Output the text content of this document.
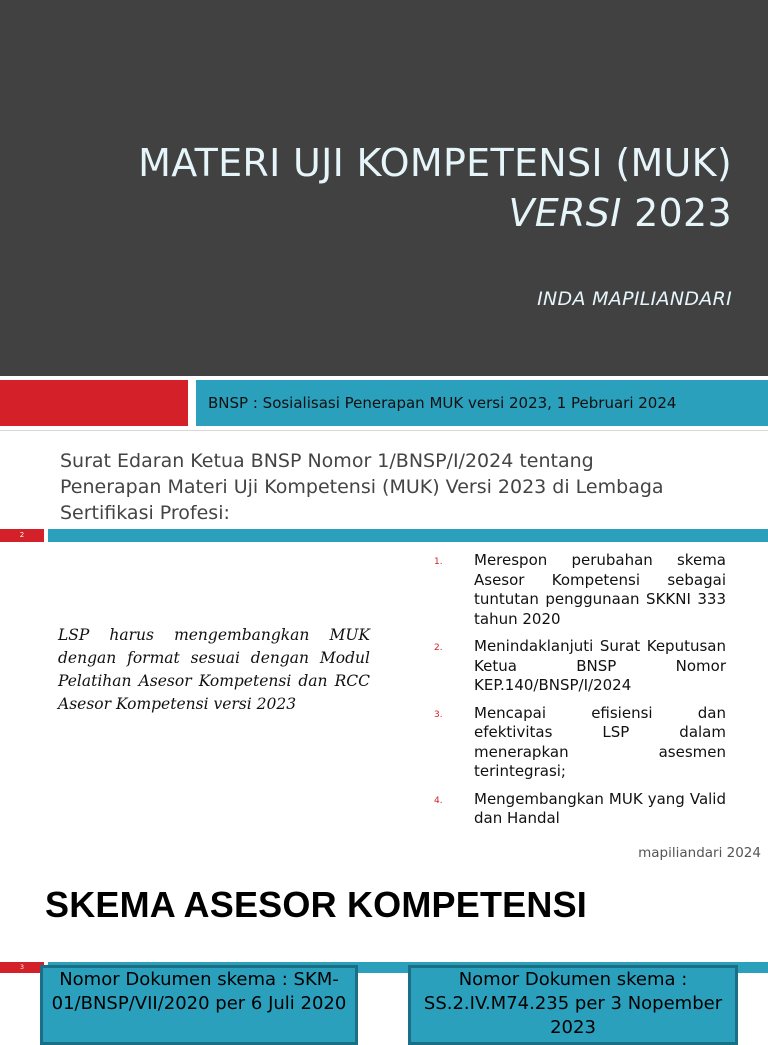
MATERI UJI KOMPETENSI (MUK)
VERSI 2023
INDA MAPILIANDARI
BNSP : Sosialisasi Penerapan MUK versi 2023, 1 Pebruari 2024
Surat Edaran Ketua BNSP Nomor 1/BNSP/I/2024 tentang Penerapan Materi Uji Kompetensi (MUK) Versi 2023 di Lembaga Sertifikasi Profesi:
2
LSP harus mengembangkan MUK dengan format sesuai dengan Modul Pelatihan Asesor Kompetensi dan RCC Asesor Kompetensi versi 2023
1. Merespon perubahan skema Asesor Kompetensi sebagai tuntutan penggunaan SKKNI 333 tahun 2020
2. Menindaklanjuti Surat Keputusan Ketua BNSP Nomor KEP.140/BNSP/I/2024
3. Mencapai efisiensi dan efektivitas LSP dalam menerapkan asesmen terintegrasi;
4. Mengembangkan MUK yang Valid dan Handal
mapiliandari 2024
SKEMA ASESOR KOMPETENSI
3
Nomor Dokumen skema : SKM-01/BNSP/VII/2020 per 6 Juli 2020
Nomor Dokumen skema : SS.2.IV.M74.235 per 3 Nopember 2023
